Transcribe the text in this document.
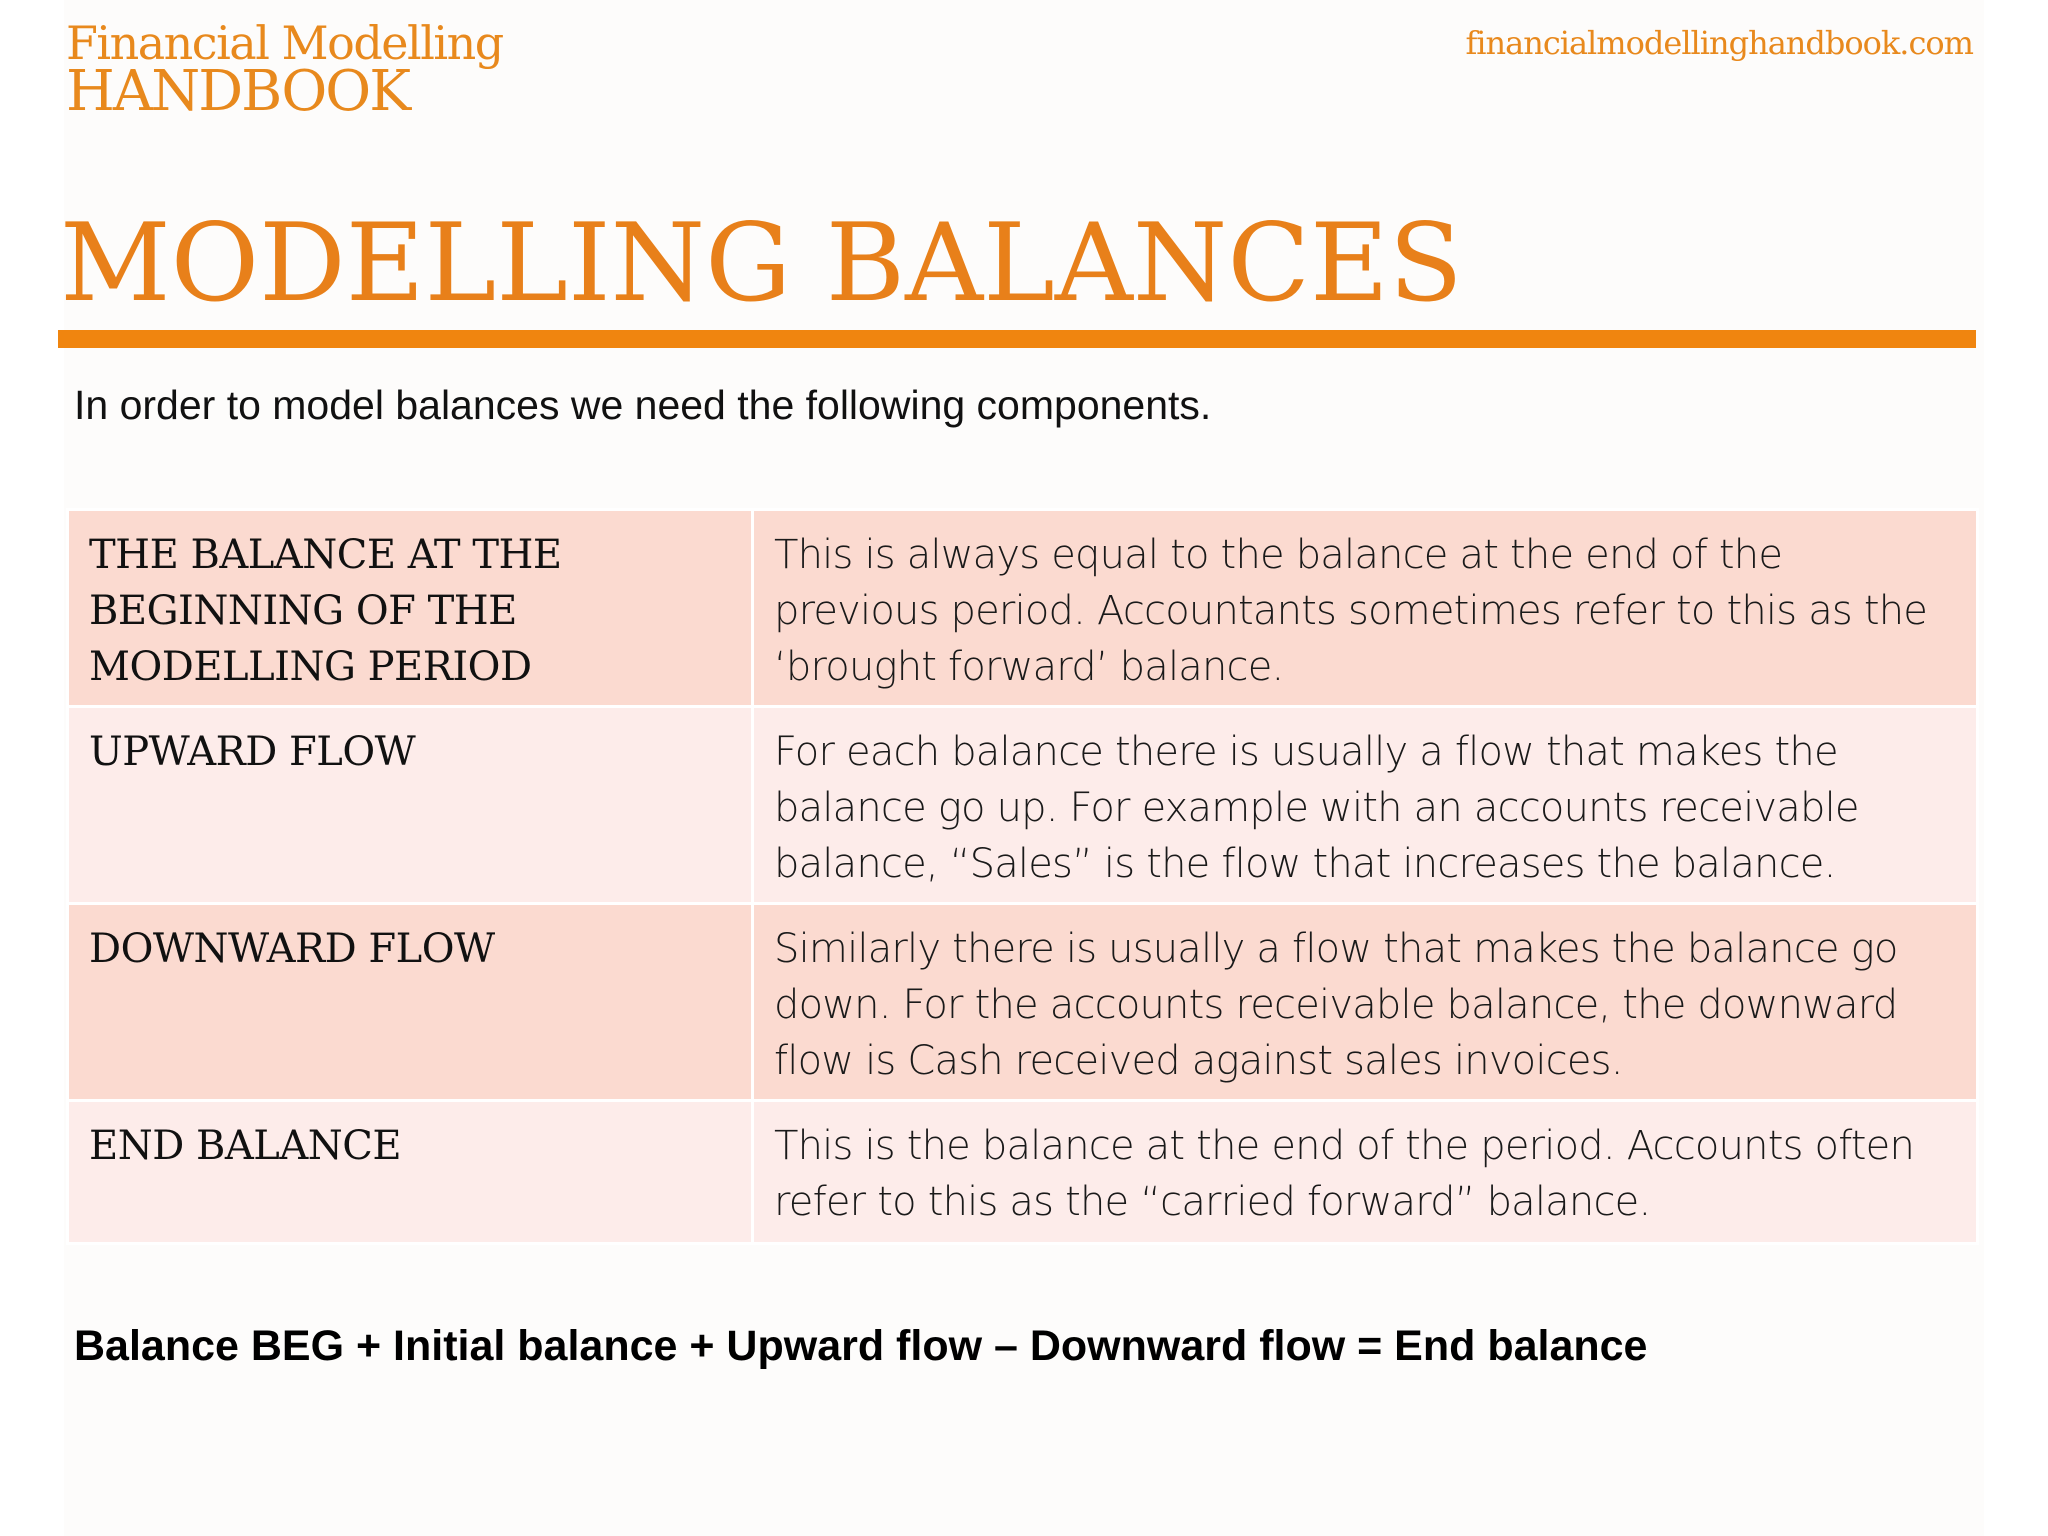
Financial Modelling
HANDBOOK
financialmodellinghandbook.com
MODELLING BALANCES
In order to model balances we need the following components.
THE BALANCE AT THE BEGINNING OF THE MODELLING PERIOD	This is always equal to the balance at the end of the previous period. Accountants sometimes refer to this as the ‘brought forward’ balance.
UPWARD FLOW	For each balance there is usually a flow that makes the balance go up. For example with an accounts receivable balance, “Sales” is the flow that increases the balance.
DOWNWARD FLOW	Similarly there is usually a flow that makes the balance go down. For the accounts receivable balance, the downward flow is Cash received against sales invoices.
END BALANCE	This is the balance at the end of the period. Accounts often refer to this as the “carried forward” balance.
Balance BEG + Initial balance + Upward flow – Downward flow = End balance
